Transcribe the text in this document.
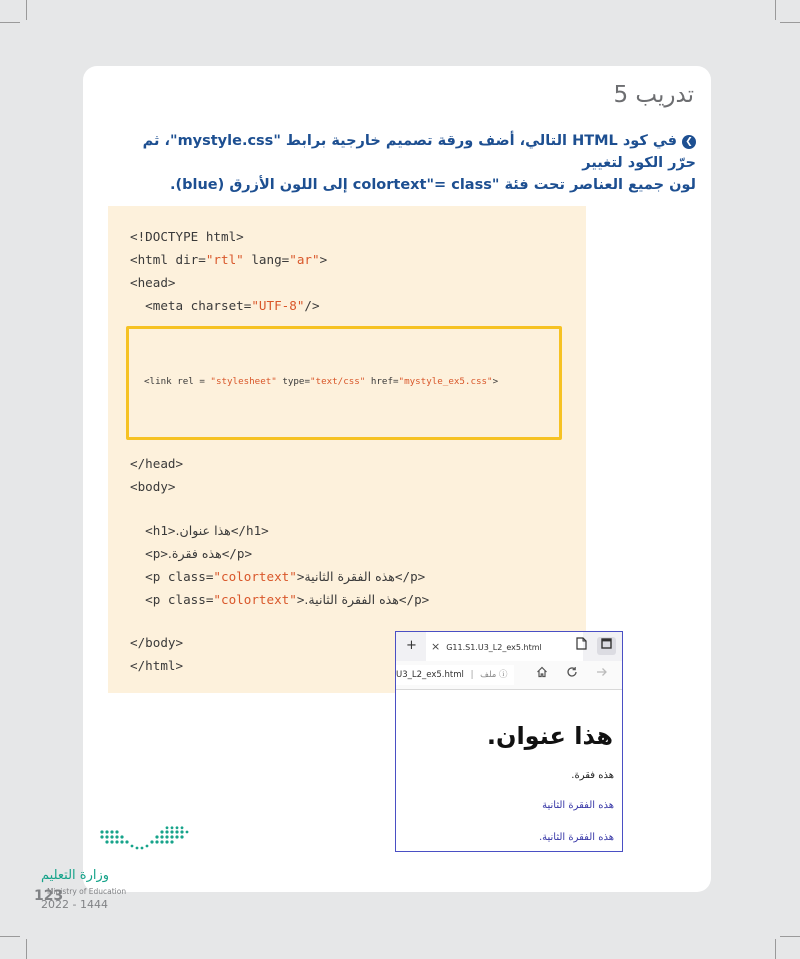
تدريب 5
❯في كود HTML التالي، أضف ورقة تصميم خارجية برابط "mystyle.css"، ثم حرّر الكود لتغيير
لون جميع العناصر تحت فئة "colortext"= class إلى اللون الأزرق (blue).
<!DOCTYPE html>
<html dir="rtl" lang="ar">
<head>
<meta charset="UTF-8"/>
<link rel = "stylesheet" type="text/css" href="mystyle_ex5.css">
</head>
<body>
<h1>هذا عنوان.</h1>
<p>هذه فقرة.</p>
<p class="colortext">هذه الفقرة الثانية</p>
<p class="colortext">هذه الفقرة الثانية.</p>
</body>
</html>
+	× G11.S1.U3_L2_ex5.html
U3_L2_ex5.html | ملف ⓘ
هذا عنوان.
هذه فقرة.
هذه الفقرة الثانية
هذه الفقرة الثانية.
وزارة التعليم
123
Ministry of Education
2022 - 1444
